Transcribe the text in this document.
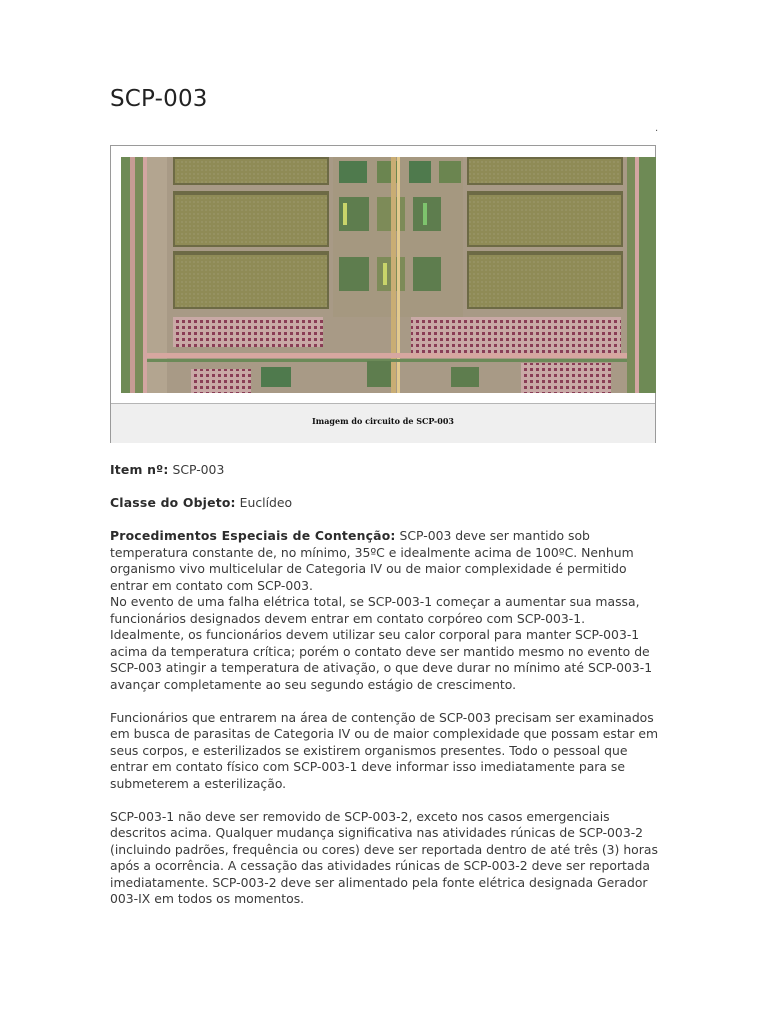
SCP-003
.
Imagem do circuito de SCP-003

Item nº: SCP-003

Classe do Objeto: Euclídeo

Procedimentos Especiais de Contenção: SCP-003 deve ser mantido sob temperatura constante de, no mínimo, 35ºC e idealmente acima de 100ºC. Nenhum organismo vivo multicelular de Categoria IV ou de maior complexidade é permitido entrar em contato com SCP-003.

No evento de uma falha elétrica total, se SCP-003-1 começar a aumentar sua massa, funcionários designados devem entrar em contato corpóreo com SCP-003-1. Idealmente, os funcionários devem utilizar seu calor corporal para manter SCP-003-1 acima da temperatura crítica; porém o contato deve ser mantido mesmo no evento de SCP-003 atingir a temperatura de ativação, o que deve durar no mínimo até SCP-003-1 avançar completamente ao seu segundo estágio de crescimento.

Funcionários que entrarem na área de contenção de SCP-003 precisam ser examinados em busca de parasitas de Categoria IV ou de maior complexidade que possam estar em seus corpos, e esterilizados se existirem organismos presentes. Todo o pessoal que entrar em contato físico com SCP-003-1 deve informar isso imediatamente para se submeterem a esterilização.

SCP-003-1 não deve ser removido de SCP-003-2, exceto nos casos emergenciais descritos acima. Qualquer mudança significativa nas atividades rúnicas de SCP-003-2 (incluindo padrões, frequência ou cores) deve ser reportada dentro de até três (3) horas após a ocorrência. A cessação das atividades rúnicas de SCP-003-2 deve ser reportada imediatamente. SCP-003-2 deve ser alimentado pela fonte elétrica designada Gerador 003-IX em todos os momentos.
